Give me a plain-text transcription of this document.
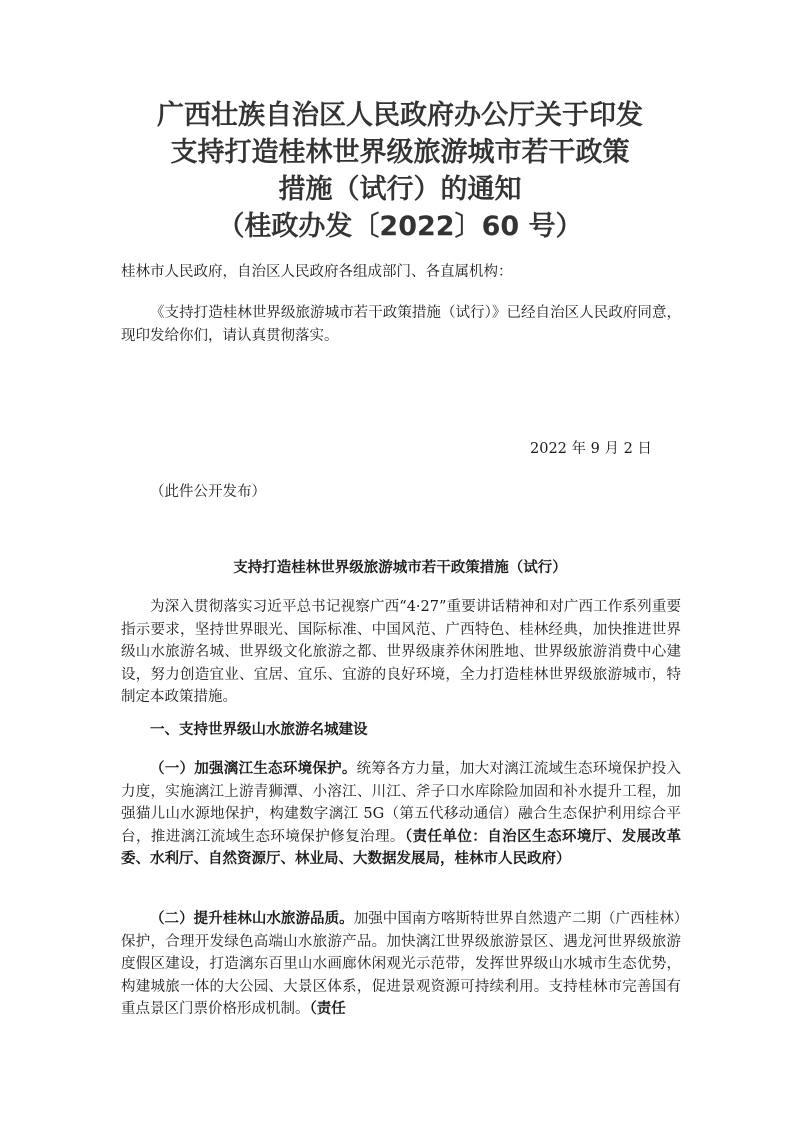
广西壮族自治区人民政府办公厅关于印发
支持打造桂林世界级旅游城市若干政策
措施（试行）的通知
（桂政办发〔2022〕60 号）
桂林市人民政府，自治区人民政府各组成部门、各直属机构：
《支持打造桂林世界级旅游城市若干政策措施（试行）》已经自治区人民政府同意，现印发给你们，请认真贯彻落实。
2022 年 9 月 2 日
（此件公开发布）
支持打造桂林世界级旅游城市若干政策措施（试行）
为深入贯彻落实习近平总书记视察广西“4·27”重要讲话精神和对广西工作系列重要指示要求，坚持世界眼光、国际标准、中国风范、广西特色、桂林经典，加快推进世界级山水旅游名城、世界级文化旅游之都、世界级康养休闲胜地、世界级旅游消费中心建设，努力创造宜业、宜居、宜乐、宜游的良好环境，全力打造桂林世界级旅游城市，特制定本政策措施。
一、支持世界级山水旅游名城建设
（一）加强漓江生态环境保护。统筹各方力量，加大对漓江流域生态环境保护投入力度，实施漓江上游青狮潭、小溶江、川江、斧子口水库除险加固和补水提升工程，加强猫儿山水源地保护，构建数字漓江 5G（第五代移动通信）融合生态保护利用综合平台，推进漓江流域生态环境保护修复治理。（责任单位：自治区生态环境厅、发展改革委、水利厅、自然资源厅、林业局、大数据发展局，桂林市人民政府）
（二）提升桂林山水旅游品质。加强中国南方喀斯特世界自然遗产二期（广西桂林）保护，合理开发绿色高端山水旅游产品。加快漓江世界级旅游景区、遇龙河世界级旅游度假区建设，打造漓东百里山水画廊休闲观光示范带，发挥世界级山水城市生态优势，构建城旅一体的大公园、大景区体系，促进景观资源可持续利用。支持桂林市完善国有重点景区门票价格形成机制。（责任
